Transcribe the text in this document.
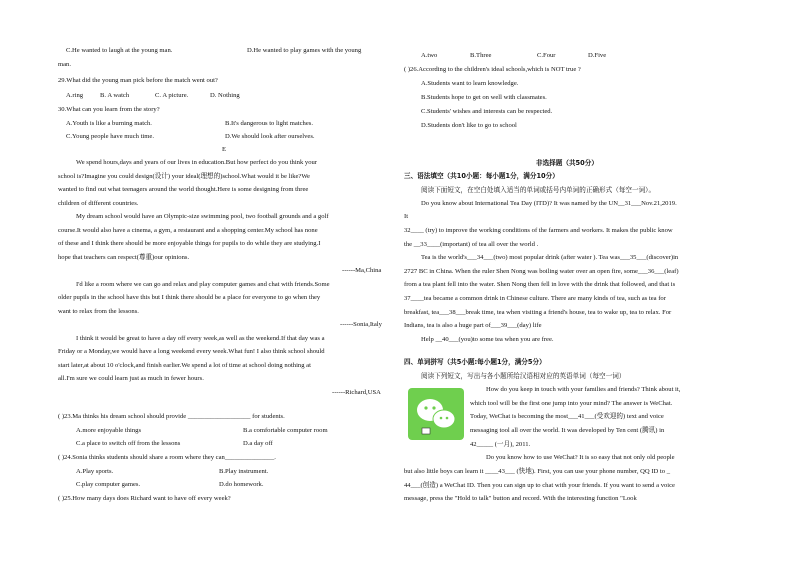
C.He wanted to laugh at the young man.	D.He wanted to play games with the young
man.
29.What did the young man pick before the match went out?
A.ring	B. A watch	C. A picture.	D. Nothing
30.What can you learn from the story?
A.Youth is like a burning match.	B.It's dangerous to light matches.
C.Young people have much time.	D.We should look after ourselves.
E
We spend hours,days and years of our lives in education.But how perfect do you think your
school is?Imagine you could design(设计) your ideal(理想的)school.What would it be like?We
wanted to find out what teenagers around the world thought.Here is some designing from three
children of different countries.
My dream school would have an Olympic-size swimming pool, two football grounds and a golf
course.It would also have a cinema, a gym, a restaurant and a shopping center.My school has none
of these and I think there should be more enjoyable things for pupils to do while they are studying.I
hope that teachers can respect(尊重)our opinions.
------Ma,China
I'd like a room where we can go and relax and play computer games and chat with friends.Some
older pupils in the school have this but I think there should be a place for everyone to go when they
want to relax from the lessons.
------Sonia,Italy
I think it would be great to have a day off every week,as well as the weekend.If that day was a
Friday or a Monday,we would have a long weekend every week.What fun! I also think school should
start later,at about 10 o'clock,and finish earlier.We spend a lot of time at school doing nothing at
all.I'm sure we could learn just as much in fewer hours.
------Richard,USA
( )23.Ma thinks his dream school should provide ___________________ for students.
A.more enjoyable things	B.a comfortable computer room
C.a place to switch off from the lessons	D.a day off
( )24.Sonia thinks students should share a room where they can_______________.
A.Play sports.	B.Play instrument.
C.play computer games.	D.do homework.
( )25.How many days does Richard want to have off every week?
A.two	B.Three	C.Four	D.Five
( )26.According to the children's ideal schools,which is NOT true ?
A.Students want to learn knowledge.
B.Students hope to get on well with classmates.
C.Students' wishes and interests can be respected.
D.Students don't like to go to school
非选择题（共50分）
三、语法填空（共10小题：每小题1分，满分10分）
阅读下面短文，在空白处填入适当的单词或括号内单词的正确形式（每空一词）。
Do you know about International Tea Day (ITD)? It was named by the UN__31___Nov.21,2019.
It
32____ (try) to improve the working conditions of the farmers and workers. It makes the public know
the __33____(important) of tea all over the world .
Tea is the world's___34___(two) most popular drink (after water ). Tea was___35___(discover)in
2727 BC in China. When the ruler Shen Nong was boiling water over an open fire, some___36___(leaf)
from a tea plant fell into the water. Shen Nong then fell in love with the drink that followed, and that is
37____tea became a common drink in Chinese culture. There are many kinds of tea, such as tea for
breakfast, tea___38___break time, tea when visiting a friend's house, tea to wake up, tea to relax. For
Indians, tea is also a huge part of___39___(day) life
Help __40___(you)to some tea when you are free.
四、单词拼写（共5小题:每小题1分，满分5分）
阅读下列短文，写出与各小题所给汉语相对应的英语单词（每空一词）
How do you keep in touch with your families and friends? Think about it,
which tool will be the first one jump into your mind? The answer is WeChat.
Today, WeChat is becoming the most___41___(受欢迎的) text and voice
messaging tool all over the world. It was developed by Ten cent (腾讯) in
42_____ (一月), 2011.
Do you know how to use WeChat? It is so easy that not only old people
but also little boys can learn it ____43___ (快地). First, you can use your phone number, QQ ID to _
44___(创造) a WeChat ID. Then you can sign up to chat with your friends. If you want to send a voice
message, press the "Hold to talk" button and record. With the interesting function "Look
